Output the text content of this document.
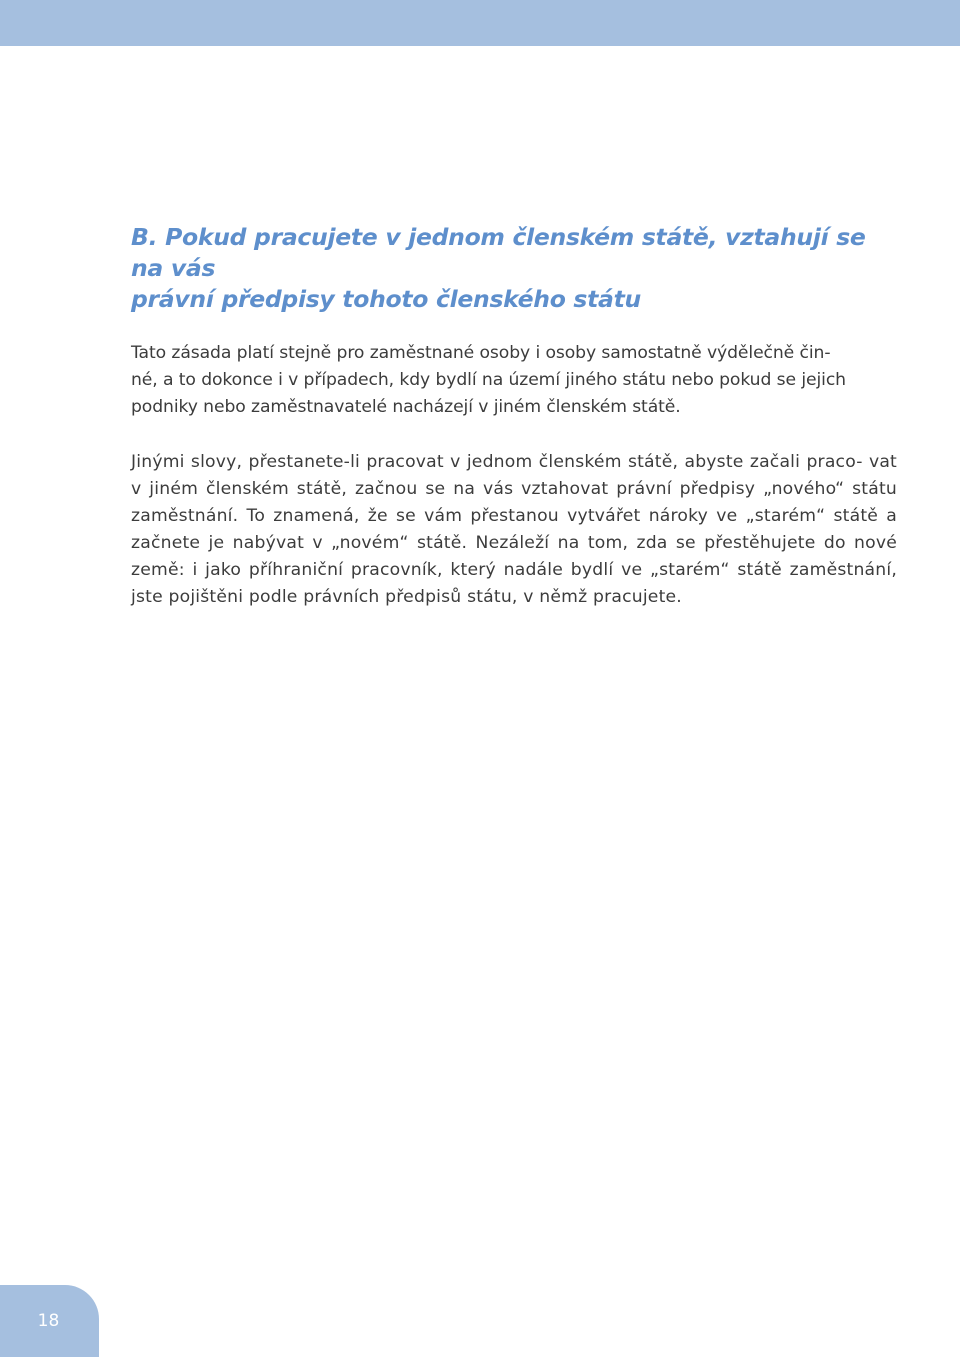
B. Pokud pracujete v jednom členském státě, vztahují se na vás
právní předpisy tohoto členského státu

Tato zásada platí stejně pro zaměstnané osoby i osoby samostatně výdělečně čin-
né, a to dokonce i v případech, kdy bydlí na území jiného státu nebo pokud se jejich
podniky nebo zaměstnavatelé nacházejí v jiném členském státě.

Jinými slovy, přestanete-li pracovat v jednom členském státě, abyste začali praco- vat v jiném členském státě, začnou se na vás vztahovat právní předpisy „nového“ státu zaměstnání. To znamená, že se vám přestanou vytvářet nároky ve „starém“ státě a začnete je nabývat v „novém“ státě. Nezáleží na tom, zda se přestěhujete do nové země: i jako příhraniční pracovník, který nadále bydlí ve „starém“ státě zaměstnání, jste pojištěni podle právních předpisů státu, v němž pracujete.

18
